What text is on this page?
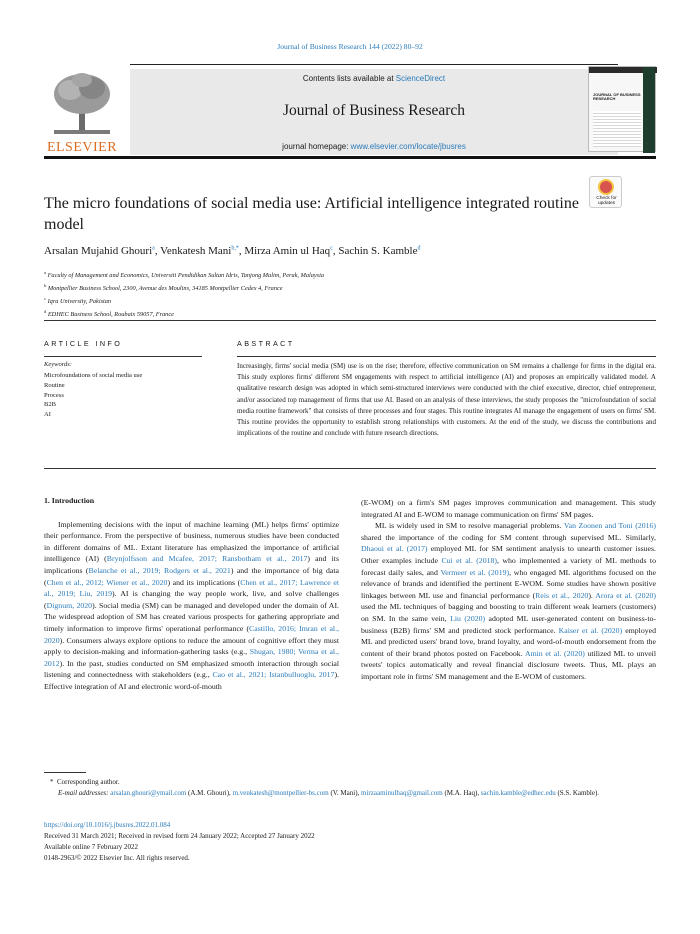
Journal of Business Research 144 (2022) 80–92
ELSEVIER
Contents lists available at ScienceDirect
Journal of Business Research
journal homepage: www.elsevier.com/locate/jbusres
JOURNAL OF BUSINESS RESEARCH
The micro foundations of social media use: Artificial intelligence integrated routine model
Check for updates
Arsalan Mujahid Ghouri$^a$, Venkatesh Mani$^{b,*}$, Mirza Amin ul Haq$^c$, Sachin S. Kamble$^d$
$^a$ Faculty of Management and Economics, Universiti Pendidikan Sultan Idris, Tanjong Malim, Perak, Malaysia
$^b$ Montpellier Business School, 2300, Avenue des Moulins, 34185 Montpellier Cedex 4, France
$^c$ Iqra University, Pakistan
$^d$ EDHEC Business School, Roubaix 59057, France
ARTICLE INFO
Keywords:
Microfoundations of social media use
Routine
Process
B2B
AI
ABSTRACT
Increasingly, firms' social media (SM) use is on the rise; therefore, effective communication on SM remains a challenge for firms in the digital era. This study explores firms' different SM engagements with respect to artificial intelligence (AI) and proposes an empirically validated model. A qualitative research design was adopted in which semi-structured interviews were conducted with the chief executive, director, chief entrepreneur, and/or associated top management of firms that use AI. Based on an analysis of these interviews, the study proposes the "microfoundation of social media routine framework" that consists of three processes and four stages. This routine integrates AI manage the engagement of users on firms' SM. This routine provides the opportunity to establish strong relationships with customers. At the end of the study, we discuss the contributions and implications of the routine and conclude with future research directions.
1. Introduction

Implementing decisions with the input of machine learning (ML) helps firms' optimize their performance. From the perspective of business, numerous studies have been conducted in different domains of ML. Extant literature has emphasized the importance of artificial intelligence (AI) (Brynjolfsson and Mcafee, 2017; Ransbotham et al., 2017) and its implications (Belanche et al., 2019; Rodgers et al., 2021) and the importance of big data (Chen et al., 2012; Wiener et al., 2020) and its implications (Chen et al., 2017; Lawrence et al., 2019; Liu, 2019). AI is changing the way people work, live, and solve challenges (Dignum, 2020). Social media (SM) can be managed and developed under the domain of AI. The widespread adoption of SM has created various prospects for gathering appropriate and timely information to improve firms' operational performance (Castillo, 2016; Imran et al., 2020). Consumers always explore options to reduce the amount of cognitive effort they must apply to decision-making and information-gathering tasks (e.g., Shugan, 1980; Verma et al., 2012). In the past, studies conducted on SM emphasized smooth interaction through social listening and connectedness with stakeholders (e.g., Cao et al., 2021; Istanbulluoglu, 2017). Effective integration of AI and electronic word-of-mouth

(E-WOM) on a firm's SM pages improves communication and management. This study integrated AI and E-WOM to manage communication on firms' SM pages.

ML is widely used in SM to resolve managerial problems. Van Zoonen and Toni (2016) shared the importance of the coding for SM content through supervised ML. Similarly, Dhaoui et al. (2017) employed ML for SM sentiment analysis to unearth customer issues. Other examples include Cui et al. (2018), who implemented a variety of ML methods to forecast daily sales, and Vermeer et al. (2019), who engaged ML algorithms focused on the relevance of brands and identified the pertinent E-WOM. Some studies have shown positive linkages between ML use and financial performance (Reis et al., 2020). Arora et al. (2020) used the ML techniques of bagging and boosting to train different weak learners (customers) on SM. In the same vein, Liu (2020) adopted ML user-generated content on business-to-business (B2B) firms' SM and predicted stock performance. Kaiser et al. (2020) employed ML and predicted users' brand love, brand loyalty, and word-of-mouth endorsement from the content of their brand photos posted on Facebook. Amin et al. (2020) utilized ML to unveil tweets' topics automatically and reveal financial disclosure tweets. Thus, ML plays an important role in firms' SM management and the E-WOM of customers.

*  Corresponding author.
E-mail addresses: arsalan.ghouri@ymail.com (A.M. Ghouri), m.venkatesh@montpellier-bs.com (V. Mani), mirzaaminulhaq@gmail.com (M.A. Haq), sachin.kamble@edhec.edu (S.S. Kamble).
https://doi.org/10.1016/j.jbusres.2022.01.084
Received 31 March 2021; Received in revised form 24 January 2022; Accepted 27 January 2022
Available online 7 February 2022
0148-2963/© 2022 Elsevier Inc. All rights reserved.
